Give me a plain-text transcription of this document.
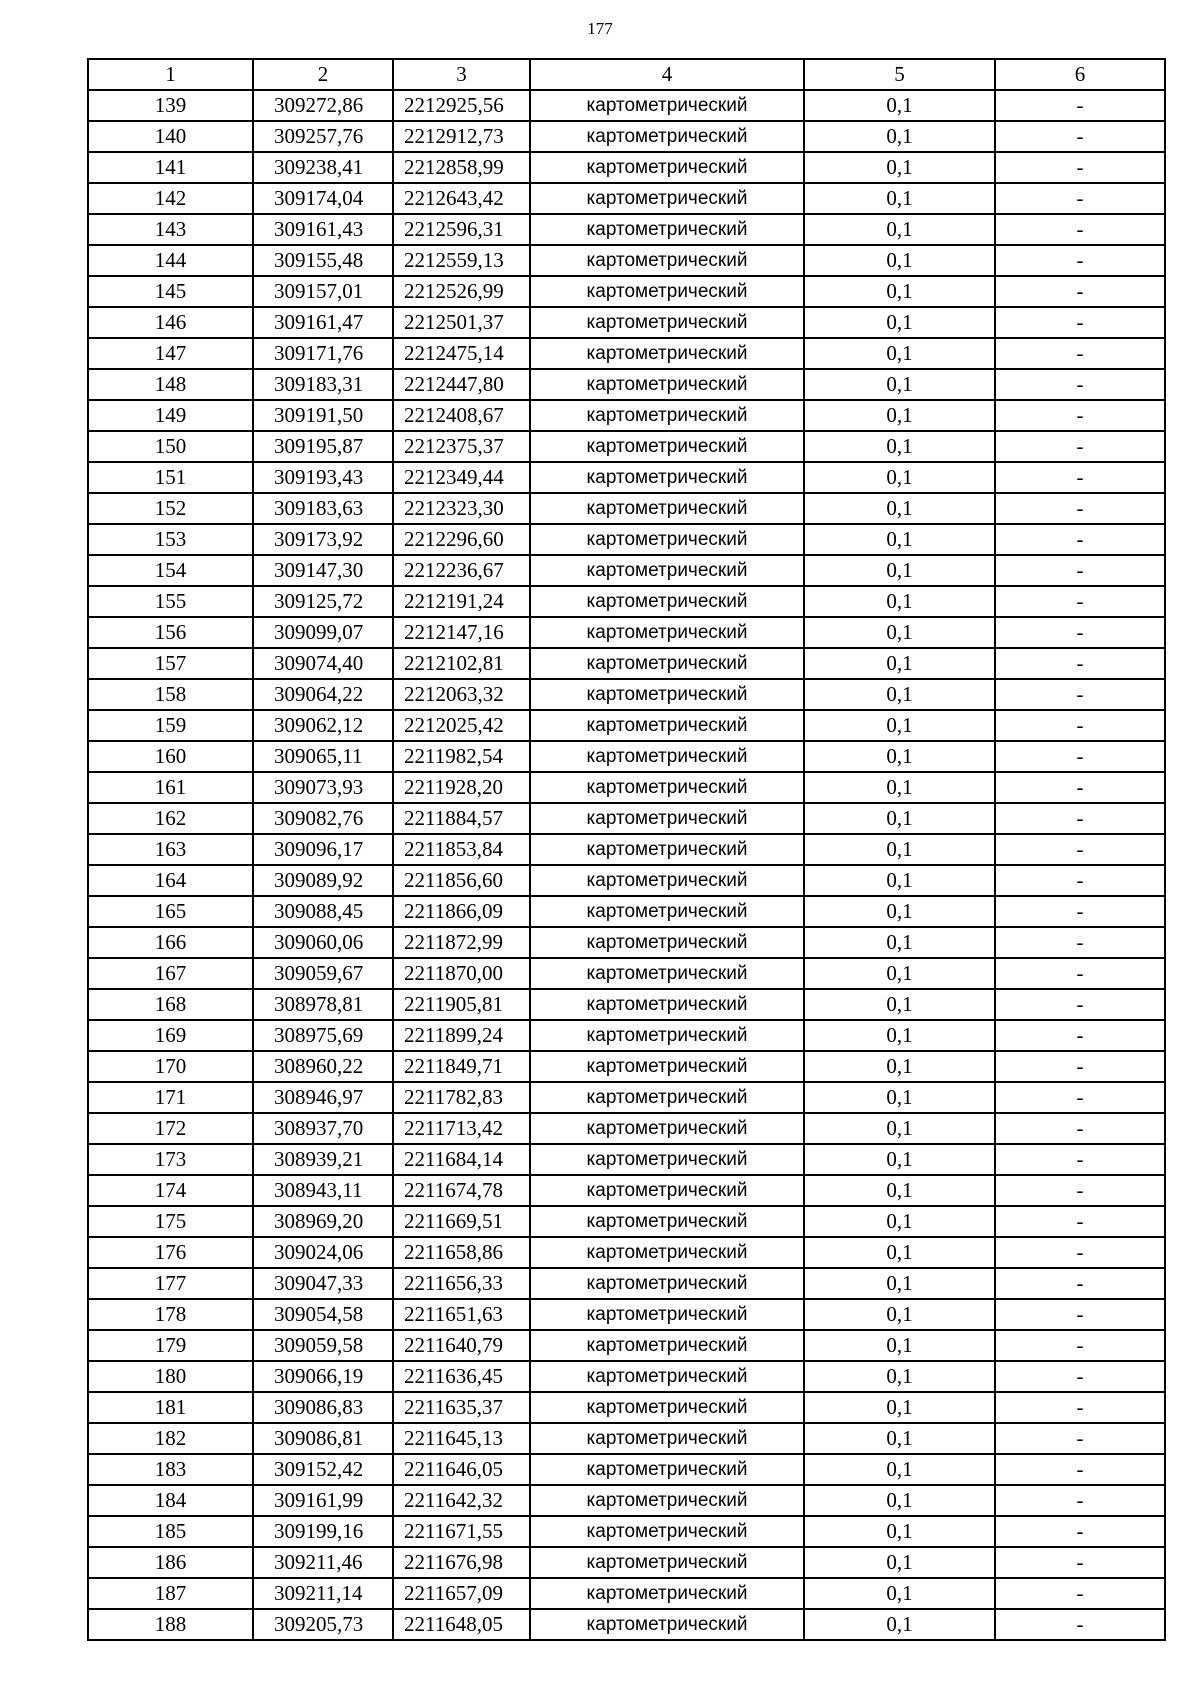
177
1	2	3	4	5	6
139	309272,86	2212925,56	картометрический	0,1	-
140	309257,76	2212912,73	картометрический	0,1	-
141	309238,41	2212858,99	картометрический	0,1	-
142	309174,04	2212643,42	картометрический	0,1	-
143	309161,43	2212596,31	картометрический	0,1	-
144	309155,48	2212559,13	картометрический	0,1	-
145	309157,01	2212526,99	картометрический	0,1	-
146	309161,47	2212501,37	картометрический	0,1	-
147	309171,76	2212475,14	картометрический	0,1	-
148	309183,31	2212447,80	картометрический	0,1	-
149	309191,50	2212408,67	картометрический	0,1	-
150	309195,87	2212375,37	картометрический	0,1	-
151	309193,43	2212349,44	картометрический	0,1	-
152	309183,63	2212323,30	картометрический	0,1	-
153	309173,92	2212296,60	картометрический	0,1	-
154	309147,30	2212236,67	картометрический	0,1	-
155	309125,72	2212191,24	картометрический	0,1	-
156	309099,07	2212147,16	картометрический	0,1	-
157	309074,40	2212102,81	картометрический	0,1	-
158	309064,22	2212063,32	картометрический	0,1	-
159	309062,12	2212025,42	картометрический	0,1	-
160	309065,11	2211982,54	картометрический	0,1	-
161	309073,93	2211928,20	картометрический	0,1	-
162	309082,76	2211884,57	картометрический	0,1	-
163	309096,17	2211853,84	картометрический	0,1	-
164	309089,92	2211856,60	картометрический	0,1	-
165	309088,45	2211866,09	картометрический	0,1	-
166	309060,06	2211872,99	картометрический	0,1	-
167	309059,67	2211870,00	картометрический	0,1	-
168	308978,81	2211905,81	картометрический	0,1	-
169	308975,69	2211899,24	картометрический	0,1	-
170	308960,22	2211849,71	картометрический	0,1	-
171	308946,97	2211782,83	картометрический	0,1	-
172	308937,70	2211713,42	картометрический	0,1	-
173	308939,21	2211684,14	картометрический	0,1	-
174	308943,11	2211674,78	картометрический	0,1	-
175	308969,20	2211669,51	картометрический	0,1	-
176	309024,06	2211658,86	картометрический	0,1	-
177	309047,33	2211656,33	картометрический	0,1	-
178	309054,58	2211651,63	картометрический	0,1	-
179	309059,58	2211640,79	картометрический	0,1	-
180	309066,19	2211636,45	картометрический	0,1	-
181	309086,83	2211635,37	картометрический	0,1	-
182	309086,81	2211645,13	картометрический	0,1	-
183	309152,42	2211646,05	картометрический	0,1	-
184	309161,99	2211642,32	картометрический	0,1	-
185	309199,16	2211671,55	картометрический	0,1	-
186	309211,46	2211676,98	картометрический	0,1	-
187	309211,14	2211657,09	картометрический	0,1	-
188	309205,73	2211648,05	картометрический	0,1	-
